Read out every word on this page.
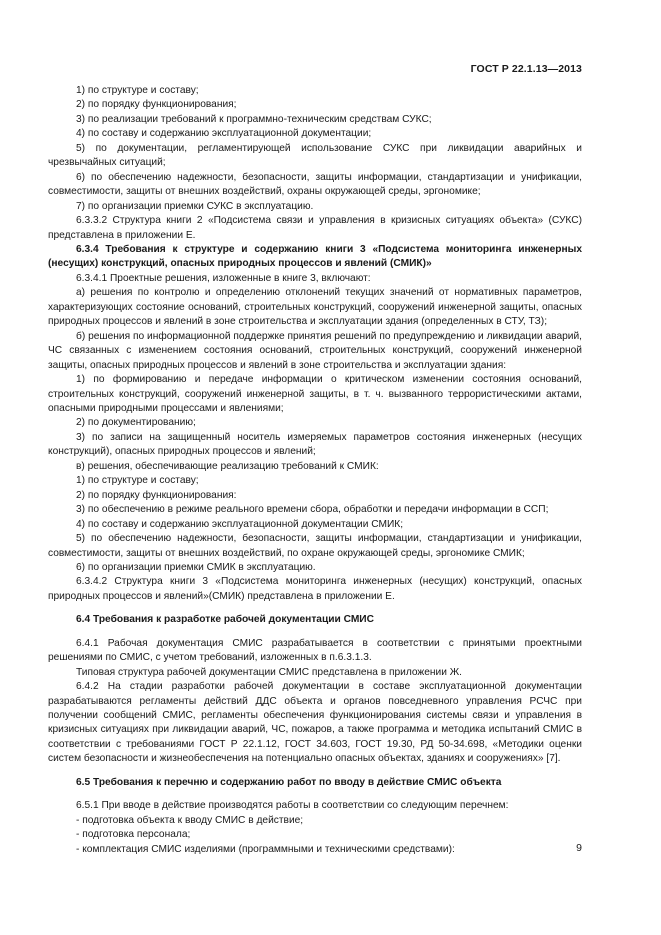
ГОСТ Р 22.1.13—2013

1) по структуре и составу;

2) по порядку функционирования;

3) по реализации требований к программно-техническим средствам СУКС;

4) по составу и содержанию эксплуатационной документации;

5) по документации, регламентирующей использование СУКС при ликвидации аварийных и чрезвычайных ситуаций;

6) по обеспечению надежности, безопасности, защиты информации, стандартизации и унификации, совместимости, защиты от внешних воздействий, охраны окружающей среды, эргономике;

7) по организации приемки СУКС в эксплуатацию.

6.3.3.2 Структура книги 2 «Подсистема связи и управления в кризисных ситуациях объекта» (СУКС) представлена в приложении Е.

6.3.4 Требования к структуре и содержанию книги 3 «Подсистема мониторинга инженерных (несущих) конструкций, опасных природных процессов и явлений (СМИК)»

6.3.4.1 Проектные решения, изложенные в книге 3, включают:

а) решения по контролю и определению отклонений текущих значений от нормативных параметров, характеризующих состояние оснований, строительных конструкций, сооружений инженерной защиты, опасных природных процессов и явлений в зоне строительства и эксплуатации здания (определенных в СТУ, ТЗ);

б) решения по информационной поддержке принятия решений по предупреждению и ликвидации аварий, ЧС связанных с изменением состояния оснований, строительных конструкций, сооружений инженерной защиты, опасных природных процессов и явлений в зоне строительства и эксплуатации здания:

1) по формированию и передаче информации о критическом изменении состояния оснований, строительных конструкций, сооружений инженерной защиты, в т. ч. вызванного террористическими актами, опасными природными процессами и явлениями;

2) по документированию;

3) по записи на защищенный носитель измеряемых параметров состояния инженерных (несущих конструкций), опасных природных процессов и явлений;

в) решения, обеспечивающие реализацию требований к СМИК:

1) по структуре и составу;

2) по порядку функционирования:

3) по обеспечению в режиме реального времени сбора, обработки и передачи информации в ССП;

4) по составу и содержанию эксплуатационной документации СМИК;

5) по обеспечению надежности, безопасности, защиты информации, стандартизации и унификации, совместимости, защиты от внешних воздействий, по охране окружающей среды, эргономике СМИК;

6) по организации приемки СМИК в эксплуатацию.

6.3.4.2 Структура книги 3 «Подсистема мониторинга инженерных (несущих) конструкций, опасных природных процессов и явлений»(СМИК) представлена в приложении Е.

6.4 Требования к разработке рабочей документации СМИС

6.4.1 Рабочая документация СМИС разрабатывается в соответствии с принятыми проектными решениями по СМИС, с учетом требований, изложенных в п.6.3.1.3.

Типовая структура рабочей документации СМИС представлена в приложении Ж.

6.4.2 На стадии разработки рабочей документации в составе эксплуатационной документации разрабатываются регламенты действий ДДС объекта и органов повседневного управления РСЧС при получении сообщений СМИС, регламенты обеспечения функционирования системы связи и управления в кризисных ситуациях при ликвидации аварий, ЧС, пожаров, а также программа и методика испытаний СМИС в соответствии с требованиями ГОСТ Р 22.1.12, ГОСТ 34.603, ГОСТ 19.30, РД 50-34.698, «Методики оценки систем безопасности и жизнеобеспечения на потенциально опасных объектах, зданиях и сооружениях» [7].

6.5 Требования к перечню и содержанию работ по вводу в действие СМИС объекта

6.5.1 При вводе в действие производятся работы в соответствии со следующим перечнем:

- подготовка объекта к вводу СМИС в действие;

- подготовка персонала;

- комплектация СМИС изделиями (программными и техническими средствами):	9
